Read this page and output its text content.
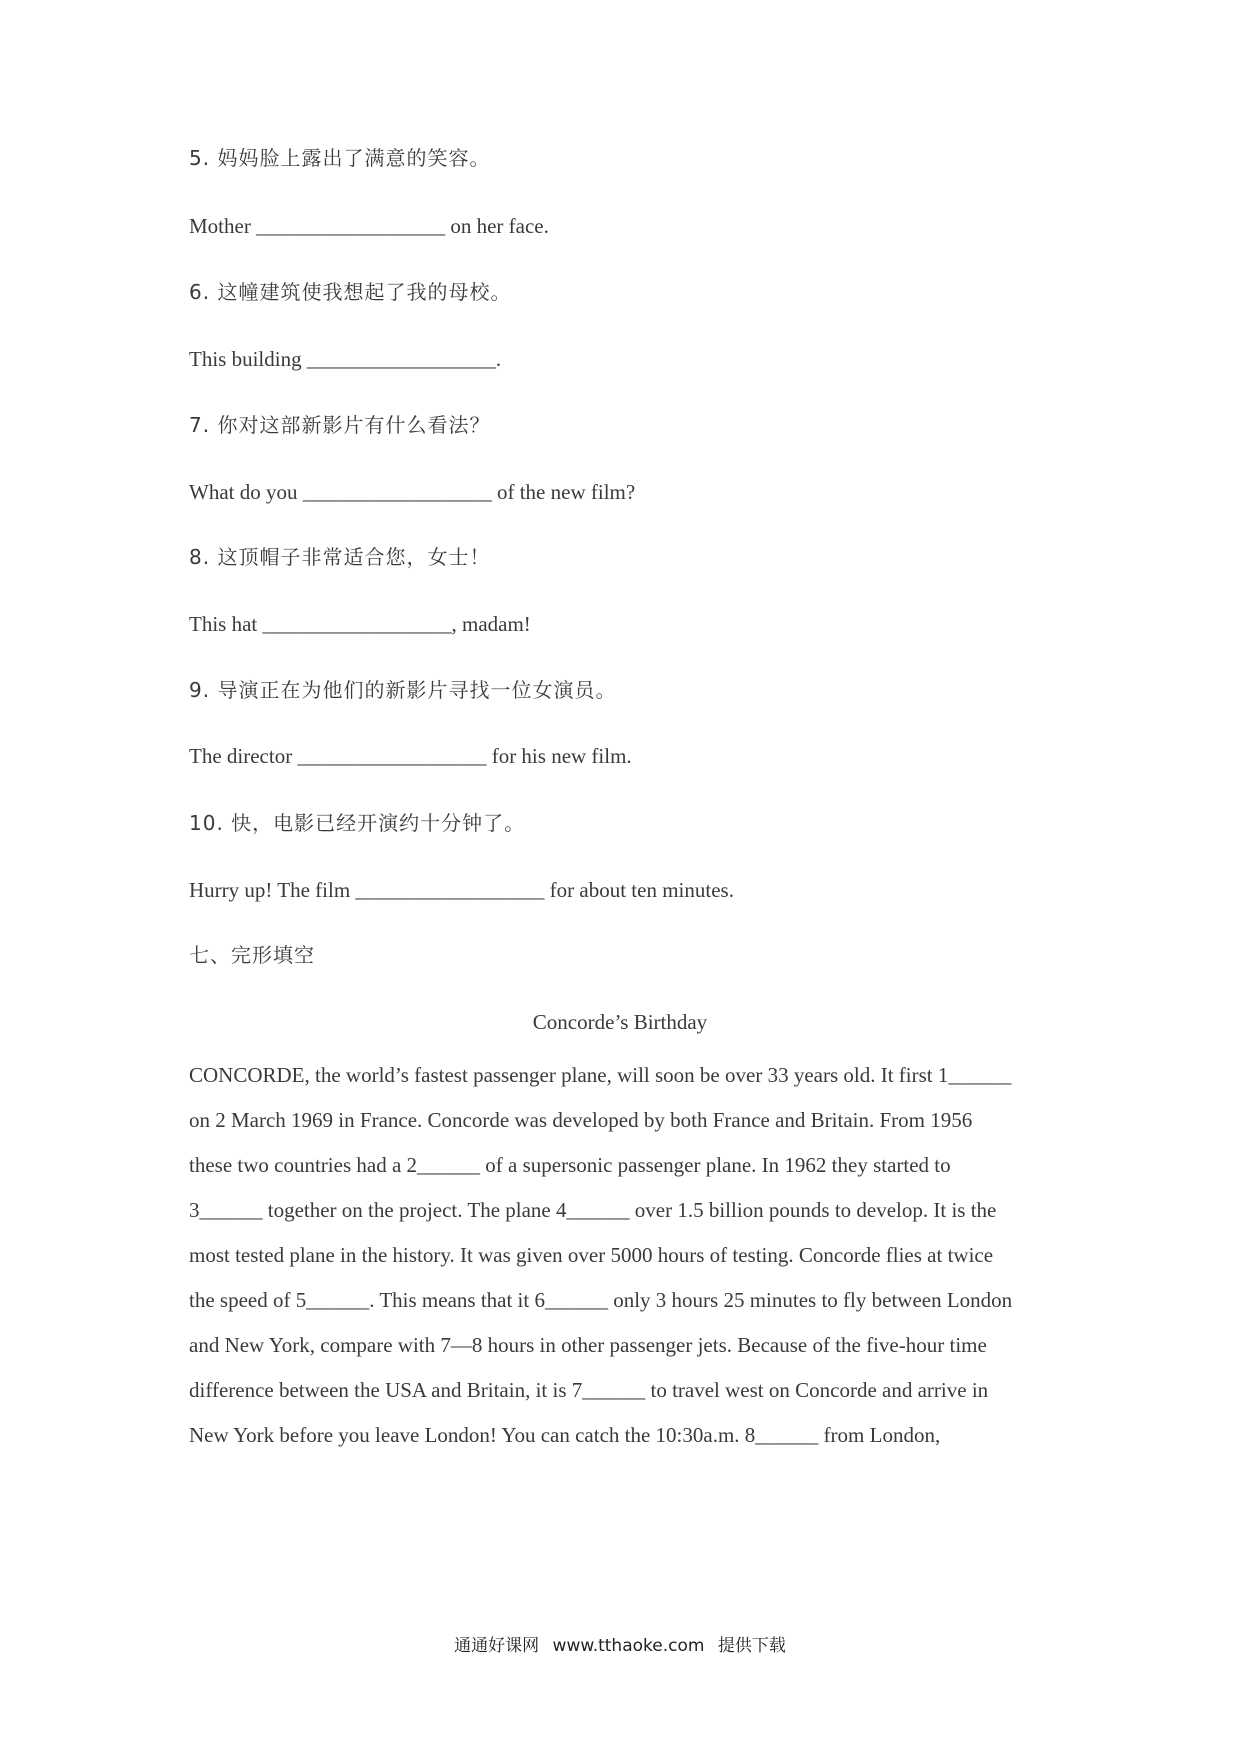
5. 妈妈脸上露出了满意的笑容。
Mother __________________ on her face.
6. 这幢建筑使我想起了我的母校。
This building __________________.
7. 你对这部新影片有什么看法？
What do you __________________ of the new film?
8. 这顶帽子非常适合您，女士！
This hat __________________, madam!
9. 导演正在为他们的新影片寻找一位女演员。
The director __________________ for his new film.
10. 快，电影已经开演约十分钟了。
Hurry up! The film __________________ for about ten minutes.
七、完形填空
Concorde’s Birthday
CONCORDE, the world’s fastest passenger plane, will soon be over 33 years old. It first 1______
on 2 March 1969 in France. Concorde was developed by both France and Britain. From 1956
these two countries had a 2______ of a supersonic passenger plane. In 1962 they started to
3______ together on the project. The plane 4______ over 1.5 billion pounds to develop. It is the
most tested plane in the history. It was given over 5000 hours of testing. Concorde flies at twice
the speed of 5______. This means that it 6______ only 3 hours 25 minutes to fly between London
and New York, compare with 7—8 hours in other passenger jets. Because of the five-hour time
difference between the USA and Britain, it is 7______ to travel west on Concorde and arrive in
New York before you leave London! You can catch the 10:30a.m. 8______ from London,
通通好课网 www.tthaoke.com 提供下载
